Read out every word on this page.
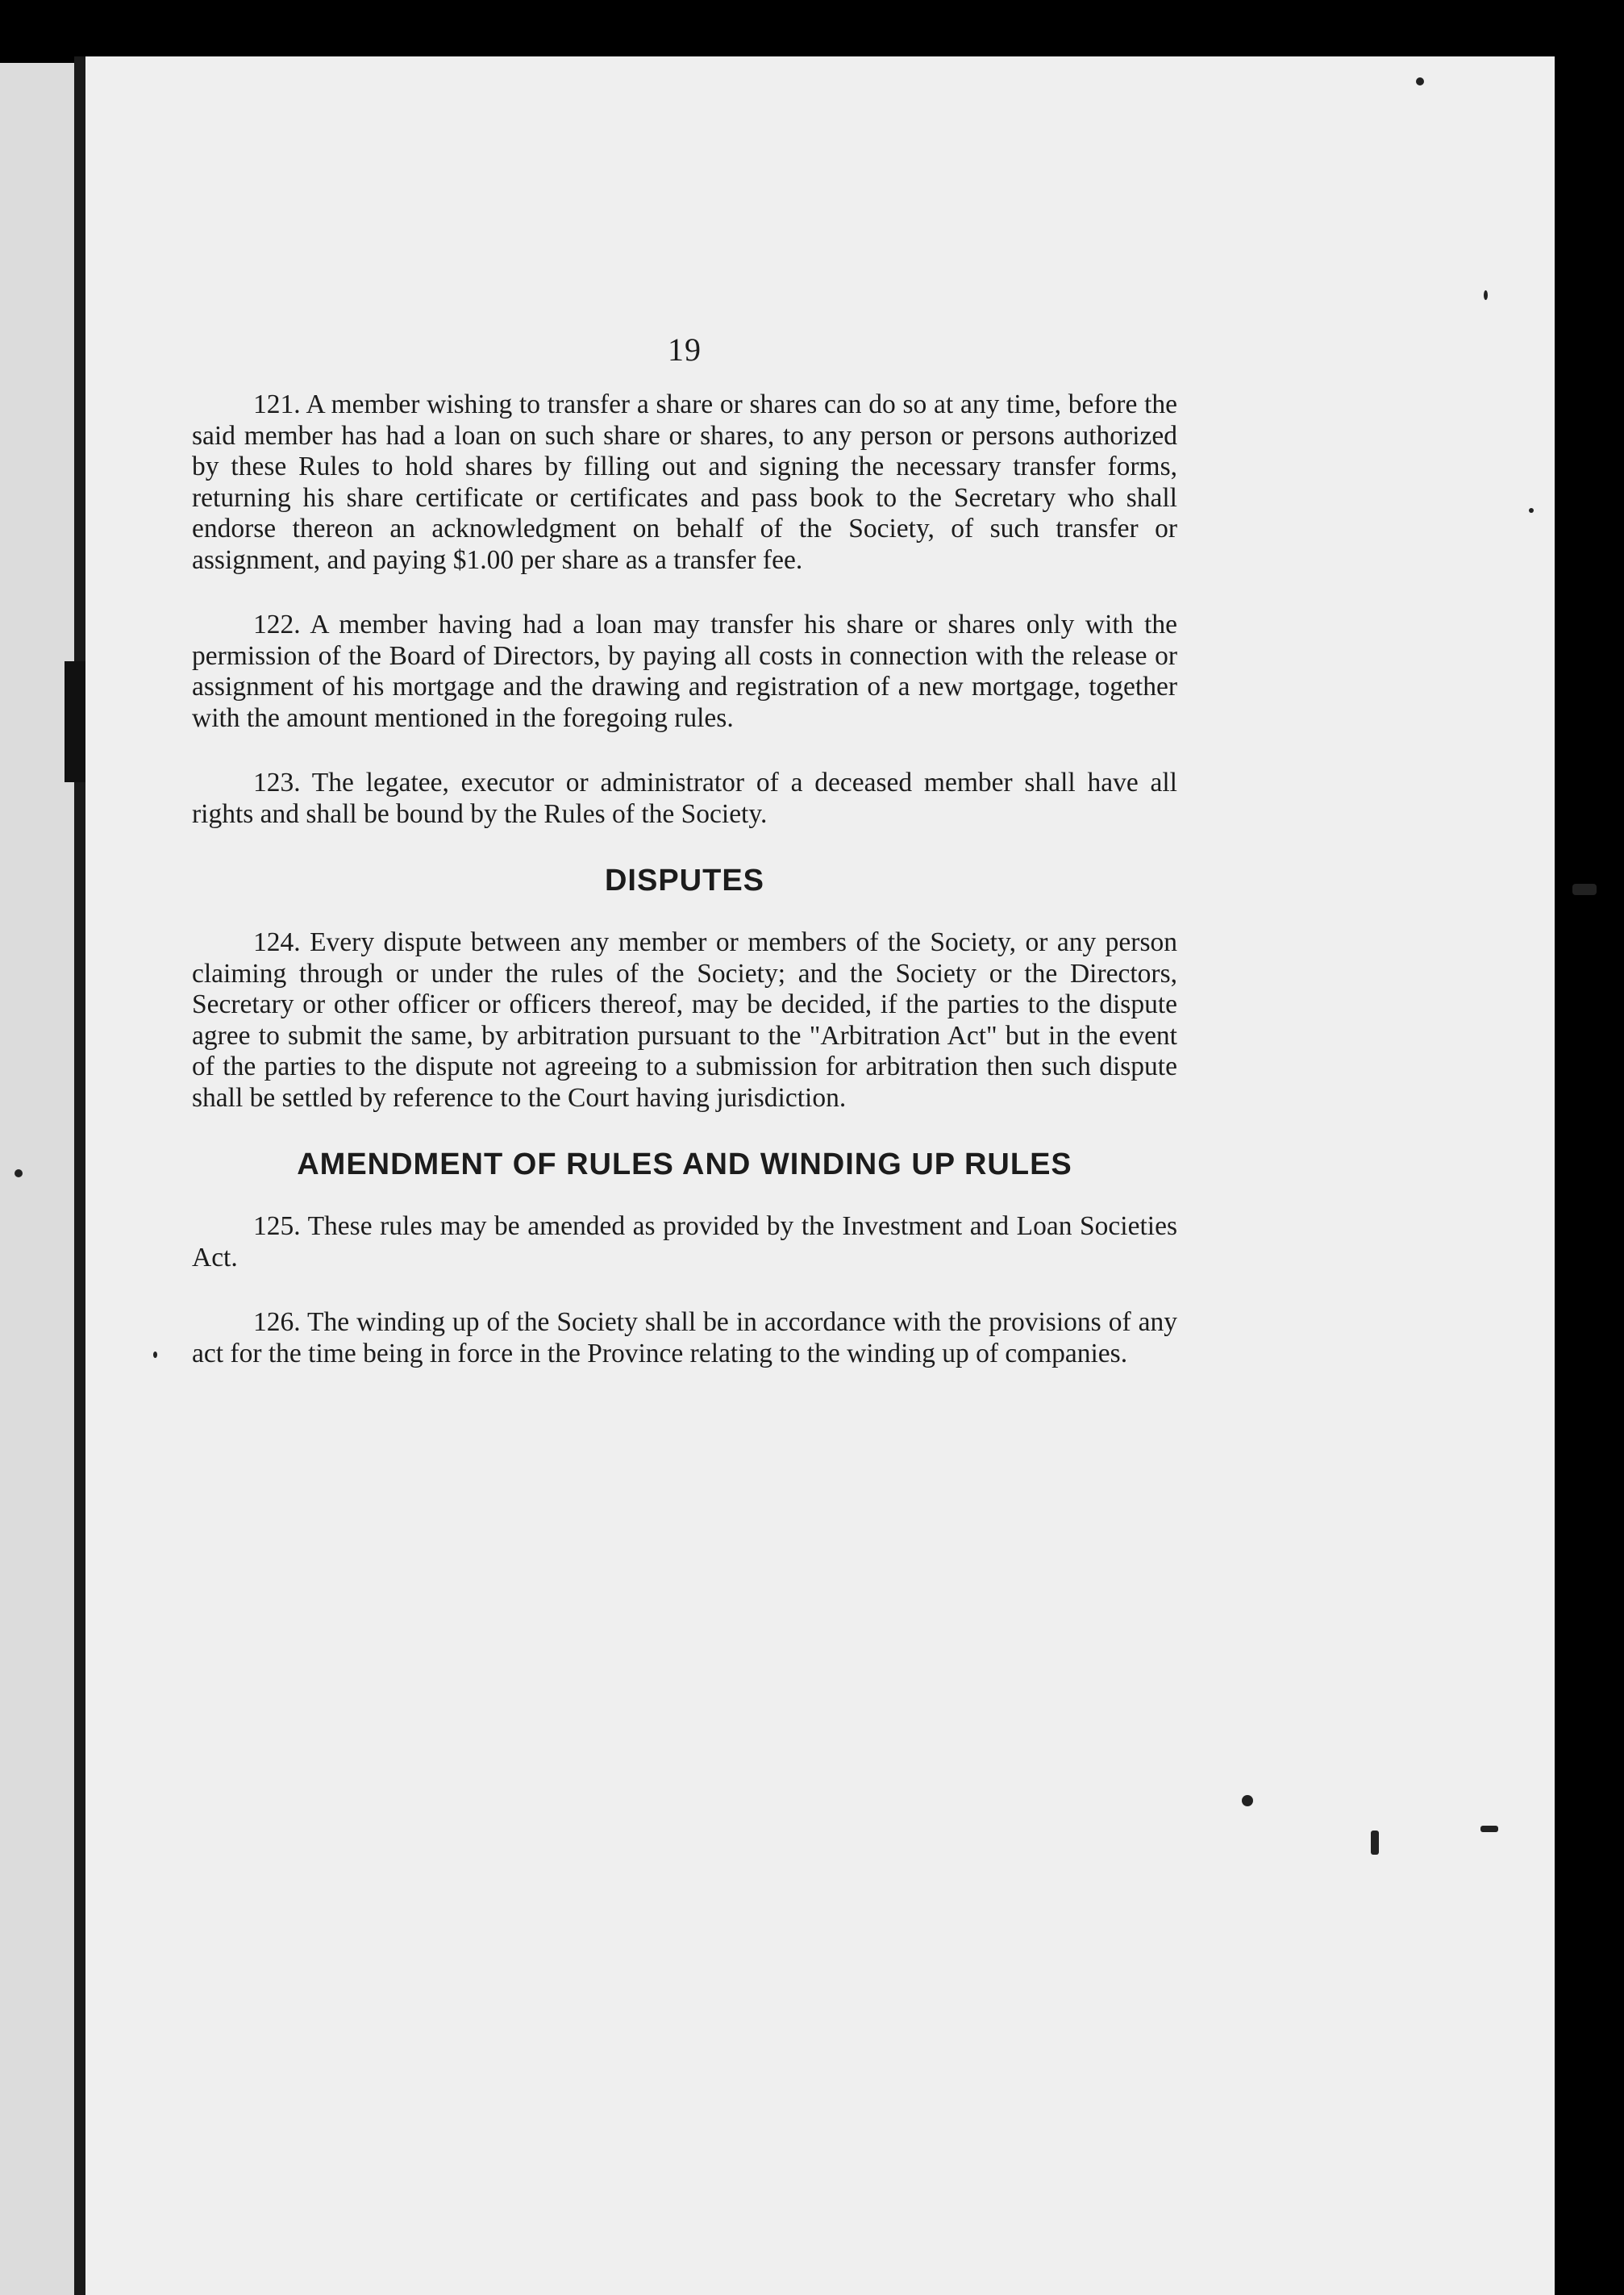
19

121. A member wishing to transfer a share or shares can do so at any time, before the said member has had a loan on such share or shares, to any person or persons authorized by these Rules to hold shares by filling out and signing the necessary transfer forms, returning his share certificate or certificates and pass book to the Secretary who shall endorse thereon an acknowledgment on behalf of the Society, of such transfer or assignment, and paying $1.00 per share as a transfer fee.

122. A member having had a loan may transfer his share or shares only with the permission of the Board of Directors, by paying all costs in connection with the release or assignment of his mortgage and the drawing and registration of a new mortgage, together with the amount mentioned in the foregoing rules.

123. The legatee, executor or administrator of a deceased member shall have all rights and shall be bound by the Rules of the Society.

DISPUTES

124. Every dispute between any member or members of the Society, or any person claiming through or under the rules of the Society; and the Society or the Directors, Secretary or other officer or officers thereof, may be decided, if the parties to the dispute agree to submit the same, by arbitration pursuant to the "Arbitration Act" but in the event of the parties to the dispute not agreeing to a submission for arbitration then such dispute shall be settled by reference to the Court having jurisdiction.

AMENDMENT OF RULES AND WINDING UP RULES

125. These rules may be amended as provided by the Investment and Loan Societies Act.

126. The winding up of the Society shall be in accordance with the provisions of any act for the time being in force in the Province relating to the winding up of companies.
